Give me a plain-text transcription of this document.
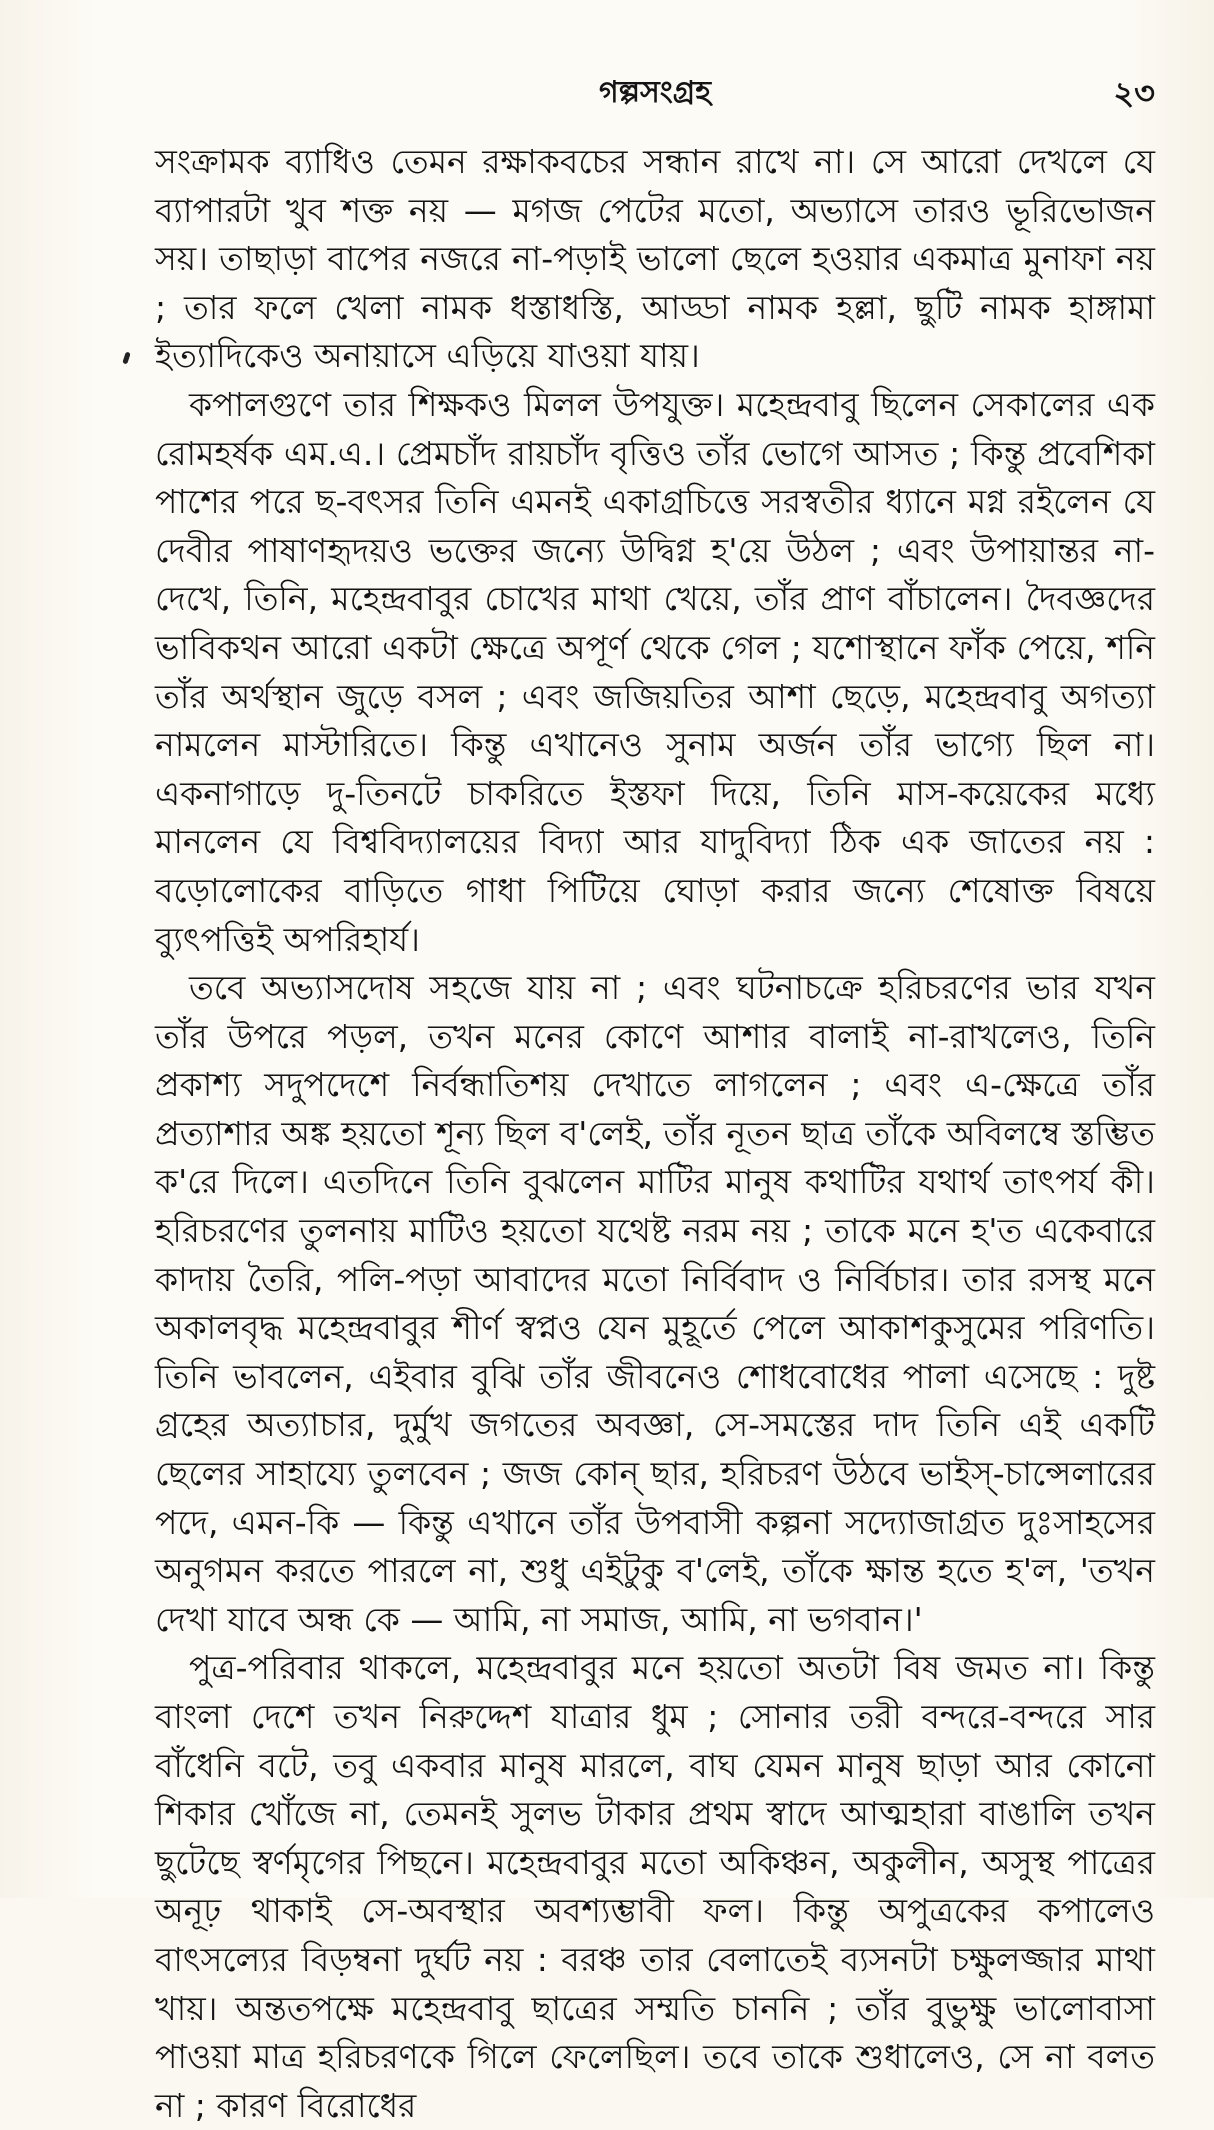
গল্পসংগ্রহ	২৩

সংক্রামক ব্যাধিও তেমন রক্ষাকবচের সন্ধান রাখে না। সে আরো দেখলে যে ব্যাপারটা খুব শক্ত নয় — মগজ পেটের মতো, অভ্যাসে তারও ভূরিভোজন সয়। তাছাড়া বাপের নজরে না-পড়াই ভালো ছেলে হওয়ার একমাত্র মুনাফা নয় ; তার ফলে খেলা নামক ধস্তাধস্তি, আড্ডা নামক হল্লা, ছুটি নামক হাঙ্গামা ইত্যাদিকেও অনায়াসে এড়িয়ে যাওয়া যায়।

কপালগুণে তার শিক্ষকও মিলল উপযুক্ত। মহেন্দ্রবাবু ছিলেন সেকালের এক রোমহর্ষক এম.এ.। প্রেমচাঁদ রায়চাঁদ বৃত্তিও তাঁর ভোগে আসত ; কিন্তু প্রবেশিকা পাশের পরে ছ-বৎসর তিনি এমনই একাগ্রচিত্তে সরস্বতীর ধ্যানে মগ্ন রইলেন যে দেবীর পাষাণহৃদয়ও ভক্তের জন্যে উদ্বিগ্ন হ'য়ে উঠল ; এবং উপায়ান্তর না-দেখে, তিনি, মহেন্দ্রবাবুর চোখের মাথা খেয়ে, তাঁর প্রাণ বাঁচালেন। দৈবজ্ঞদের ভাবিকথন আরো একটা ক্ষেত্রে অপূর্ণ থেকে গেল ; যশোস্থানে ফাঁক পেয়ে, শনি তাঁর অর্থস্থান জুড়ে বসল ; এবং জজিয়তির আশা ছেড়ে, মহেন্দ্রবাবু অগত্যা নামলেন মাস্টারিতে। কিন্তু এখানেও সুনাম অর্জন তাঁর ভাগ্যে ছিল না। একনাগাড়ে দু-তিনটে চাকরিতে ইস্তফা দিয়ে, তিনি মাস-কয়েকের মধ্যে মানলেন যে বিশ্ববিদ্যালয়ের বিদ্যা আর যাদুবিদ্যা ঠিক এক জাতের নয় : বড়োলোকের বাড়িতে গাধা পিটিয়ে ঘোড়া করার জন্যে শেষোক্ত বিষয়ে ব্যুৎপত্তিই অপরিহার্য।

তবে অভ্যাসদোষ সহজে যায় না ; এবং ঘটনাচক্রে হরিচরণের ভার যখন তাঁর উপরে পড়ল, তখন মনের কোণে আশার বালাই না-রাখলেও, তিনি প্রকাশ্য সদুপদেশে নির্বন্ধাতিশয় দেখাতে লাগলেন ; এবং এ-ক্ষেত্রে তাঁর প্রত্যাশার অঙ্ক হয়তো শূন্য ছিল ব'লেই, তাঁর নূতন ছাত্র তাঁকে অবিলম্বে স্তম্ভিত ক'রে দিলে। এতদিনে তিনি বুঝলেন মাটির মানুষ কথাটির যথার্থ তাৎপর্য কী। হরিচরণের তুলনায় মাটিও হয়তো যথেষ্ট নরম নয় ; তাকে মনে হ'ত একেবারে কাদায় তৈরি, পলি-পড়া আবাদের মতো নির্বিবাদ ও নির্বিচার। তার রসস্থ মনে অকালবৃদ্ধ মহেন্দ্রবাবুর শীর্ণ স্বপ্নও যেন মুহূর্তে পেলে আকাশকুসুমের পরিণতি। তিনি ভাবলেন, এইবার বুঝি তাঁর জীবনেও শোধবোধের পালা এসেছে : দুষ্ট গ্রহের অত্যাচার, দুর্মুখ জগতের অবজ্ঞা, সে-সমস্তের দাদ তিনি এই একটি ছেলের সাহায্যে তুলবেন ; জজ কোন্ ছার, হরিচরণ উঠবে ভাইস্-চান্সেলারের পদে, এমন-কি — কিন্তু এখানে তাঁর উপবাসী কল্পনা সদ্যোজাগ্রত দুঃসাহসের অনুগমন করতে পারলে না, শুধু এইটুকু ব'লেই, তাঁকে ক্ষান্ত হতে হ'ল, 'তখন দেখা যাবে অন্ধ কে — আমি, না সমাজ, আমি, না ভগবান।'

পুত্র-পরিবার থাকলে, মহেন্দ্রবাবুর মনে হয়তো অতটা বিষ জমত না। কিন্তু বাংলা দেশে তখন নিরুদ্দেশ যাত্রার ধুম ; সোনার তরী বন্দরে-বন্দরে সার বাঁধেনি বটে, তবু একবার মানুষ মারলে, বাঘ যেমন মানুষ ছাড়া আর কোনো শিকার খোঁজে না, তেমনই সুলভ টাকার প্রথম স্বাদে আত্মহারা বাঙালি তখন ছুটেছে স্বর্ণমৃগের পিছনে। মহেন্দ্রবাবুর মতো অকিঞ্চন, অকুলীন, অসুস্থ পাত্রের অনূঢ় থাকাই সে-অবস্থার অবশ্যম্ভাবী ফল। কিন্তু অপুত্রকের কপালেও বাৎসল্যের বিড়ম্বনা দুর্ঘট নয় : বরঞ্চ তার বেলাতেই ব্যসনটা চক্ষুলজ্জার মাথা খায়। অন্ততপক্ষে মহেন্দ্রবাবু ছাত্রের সম্মতি চাননি ; তাঁর বুভুক্ষু ভালোবাসা পাওয়া মাত্র হরিচরণকে গিলে ফেলেছিল। তবে তাকে শুধালেও, সে না বলত না ; কারণ বিরোধের
